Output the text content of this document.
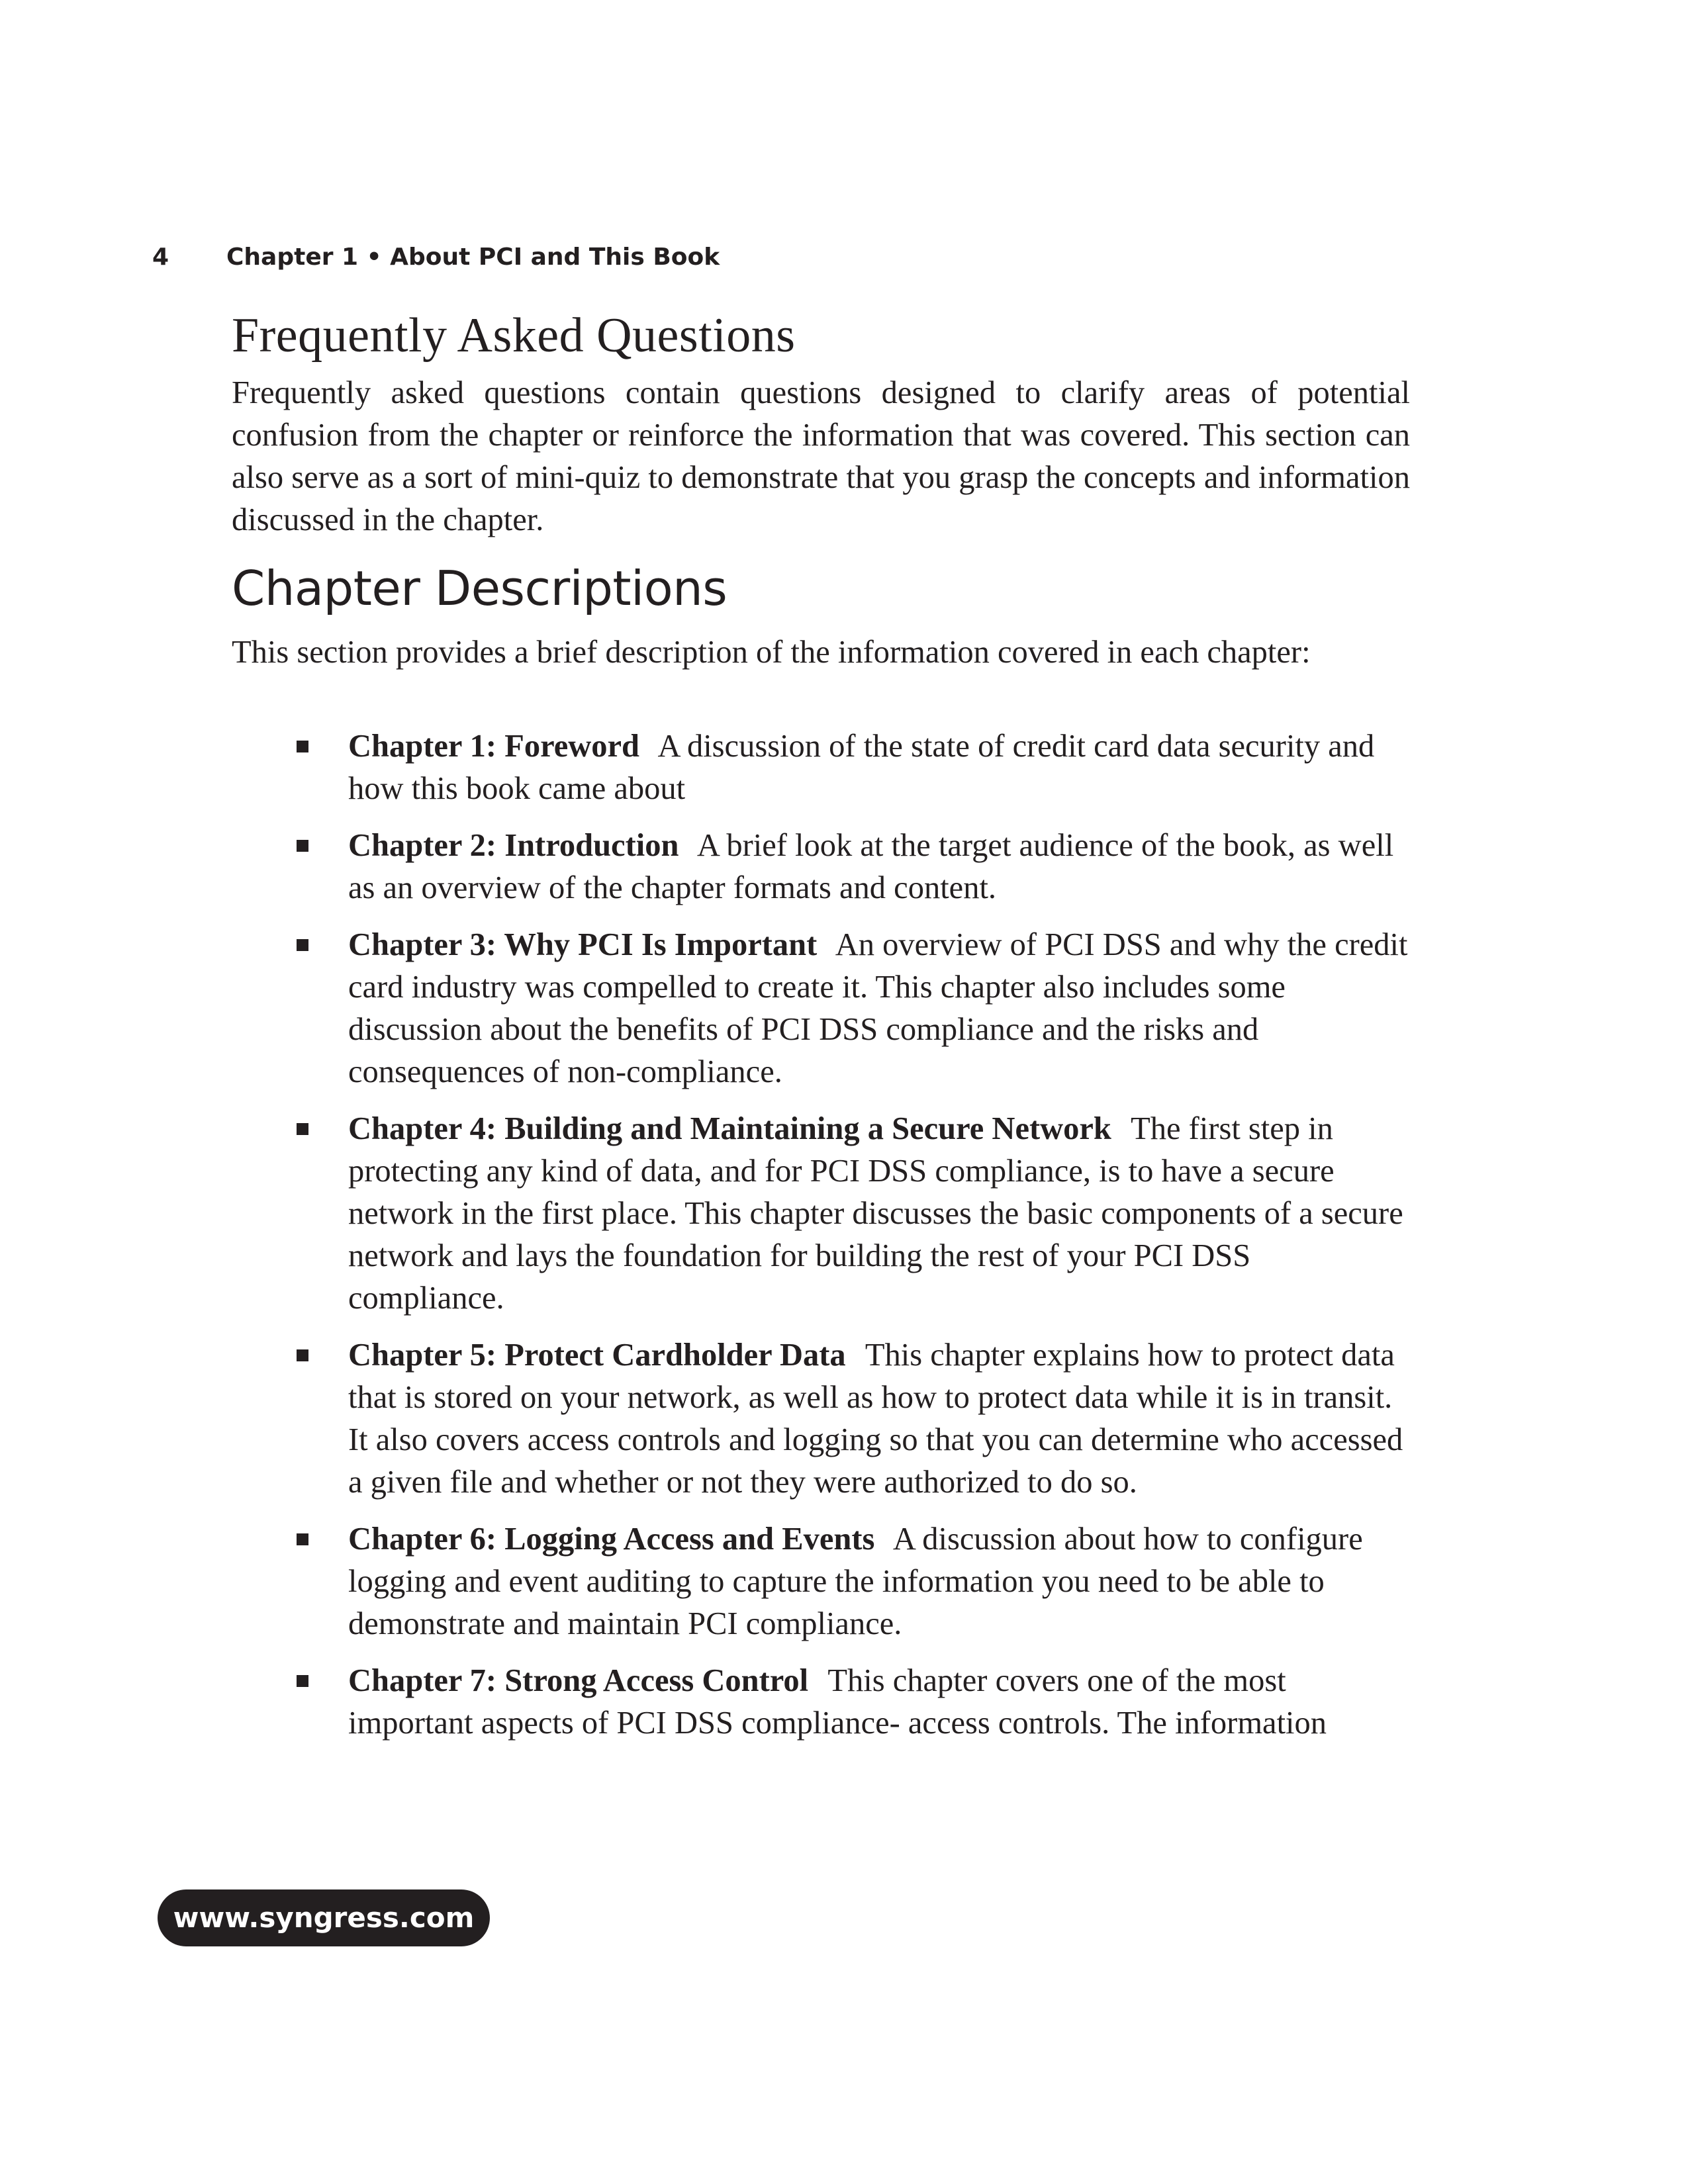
4 Chapter 1 • About PCI and This Book
Frequently Asked Questions

Frequently asked questions contain questions designed to clarify areas of potential confusion from the chapter or reinforce the information that was covered. This section can also serve as a sort of mini-quiz to demonstrate that you grasp the concepts and information discussed in the chapter.

Chapter Descriptions

This section provides a brief description of the information covered in each chapter:

Chapter 1: Foreword A discussion of the state of credit card data security and how this book came about
Chapter 2: Introduction A brief look at the target audience of the book, as well as an overview of the chapter formats and content.
Chapter 3: Why PCI Is Important An overview of PCI DSS and why the credit card industry was compelled to create it. This chapter also includes some discussion about the benefits of PCI DSS compliance and the risks and consequences of non-compliance.
Chapter 4: Building and Maintaining a Secure Network The first step in protecting any kind of data, and for PCI DSS compliance, is to have a secure network in the first place. This chapter discusses the basic components of a secure network and lays the foundation for building the rest of your PCI DSS compliance.
Chapter 5: Protect Cardholder Data This chapter explains how to protect data that is stored on your network, as well as how to protect data while it is in transit. It also covers access controls and logging so that you can determine who accessed a given file and whether or not they were authorized to do so.
Chapter 6: Logging Access and Events A discussion about how to configure logging and event auditing to capture the information you need to be able to demonstrate and maintain PCI compliance.
Chapter 7: Strong Access Control This chapter covers one of the most important aspects of PCI DSS compliance- access controls. The information
www.syngress.com
